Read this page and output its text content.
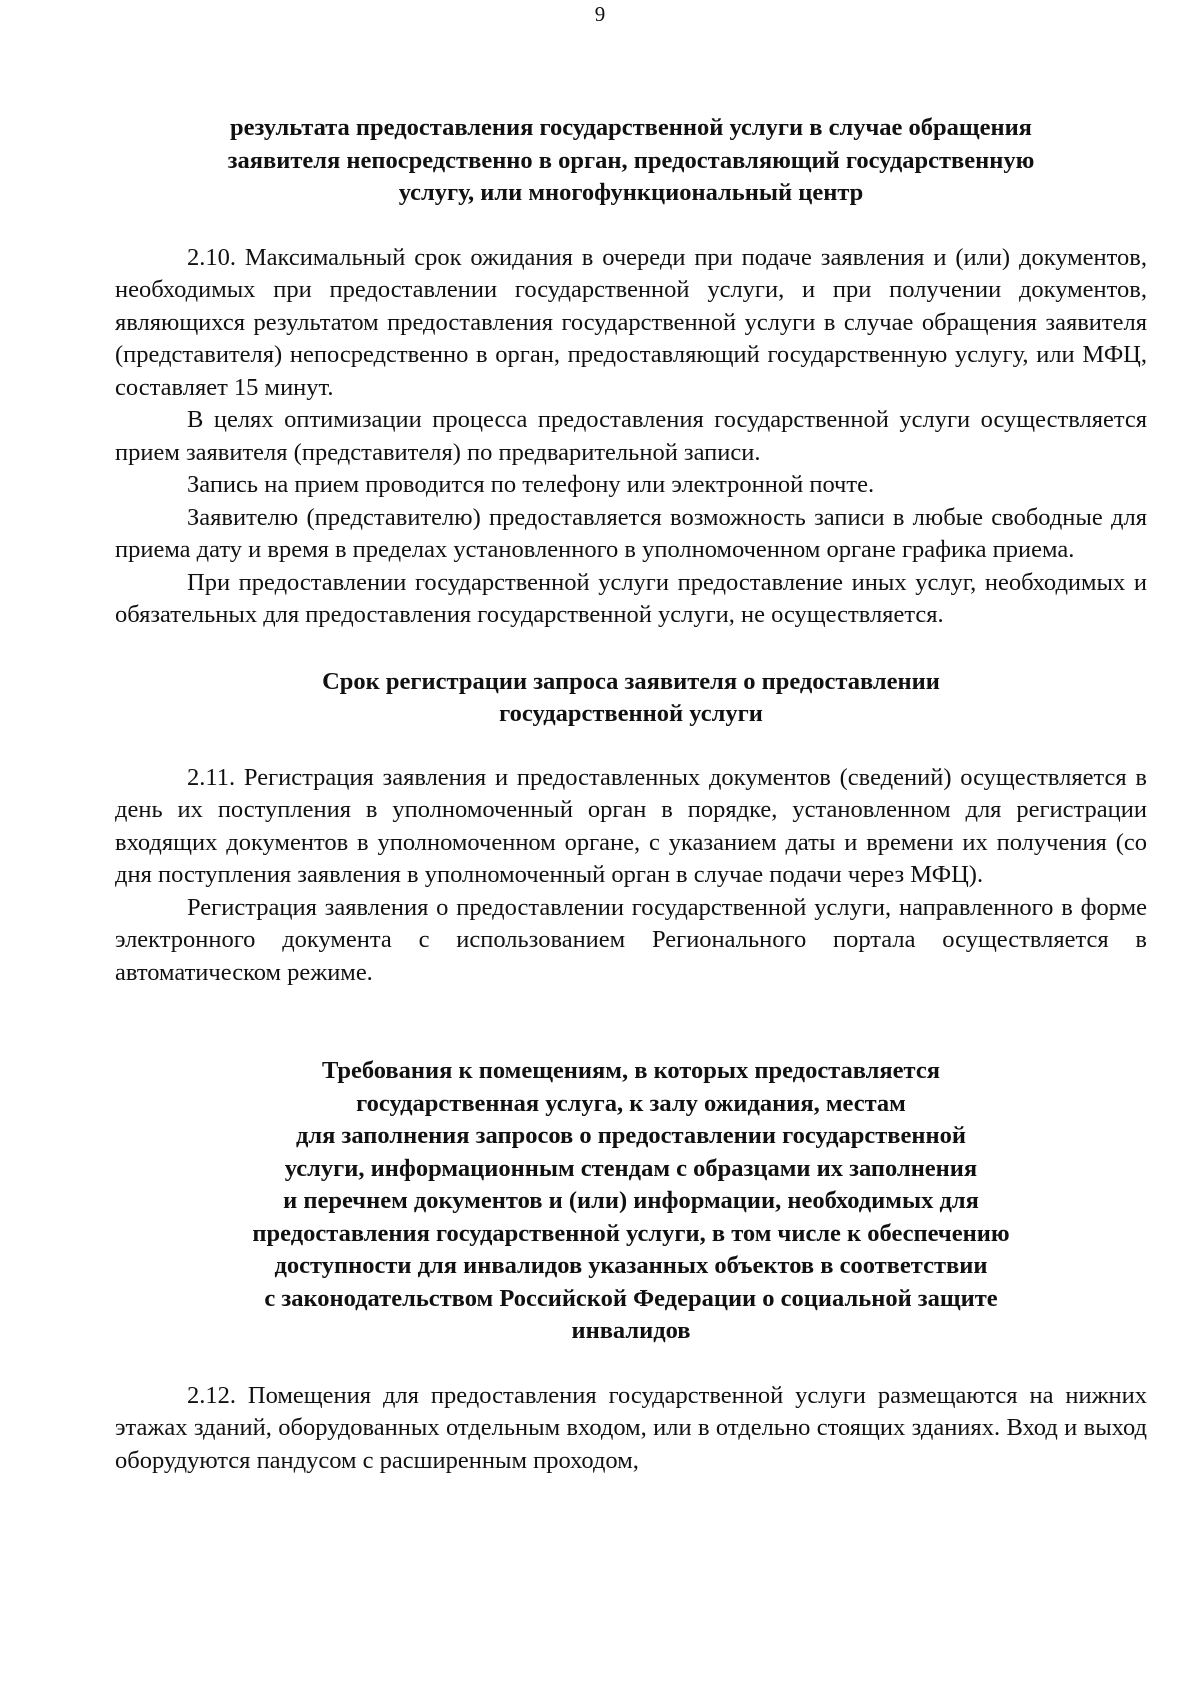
9
результата предоставления государственной услуги в случае обращения
заявителя непосредственно в орган, предоставляющий государственную
услугу, или многофункциональный центр

2.10. Максимальный срок ожидания в очереди при подаче заявления и (или) документов, необходимых при предоставлении государственной услуги, и при получении документов, являющихся результатом предоставления государственной услуги в случае обращения заявителя (представителя) непосредственно в орган, предоставляющий государственную услугу, или МФЦ, составляет 15 минут.

В целях оптимизации процесса предоставления государственной услуги осуществляется прием заявителя (представителя) по предварительной записи.

Запись на прием проводится по телефону или электронной почте.

Заявителю (представителю) предоставляется возможность записи в любые свободные для приема дату и время в пределах установленного в уполномоченном органе графика приема.

При предоставлении государственной услуги предоставление иных услуг, необходимых и обязательных для предоставления государственной услуги, не осуществляется.

Срок регистрации запроса заявителя о предоставлении
государственной услуги

2.11. Регистрация заявления и предоставленных документов (сведений) осуществляется в день их поступления в уполномоченный орган в порядке, установленном для регистрации входящих документов в уполномоченном органе, с указанием даты и времени их получения (со дня поступления заявления в уполномоченный орган в случае подачи через МФЦ).

Регистрация заявления о предоставлении государственной услуги, направленного в форме электронного документа с использованием Регионального портала осуществляется в автоматическом режиме.

Требования к помещениям, в которых предоставляется
государственная услуга, к залу ожидания, местам
для заполнения запросов о предоставлении государственной
услуги, информационным стендам с образцами их заполнения
и перечнем документов и (или) информации, необходимых для
предоставления государственной услуги, в том числе к обеспечению
доступности для инвалидов указанных объектов в соответствии
с законодательством Российской Федерации о социальной защите
инвалидов

2.12. Помещения для предоставления государственной услуги размещаются на нижних этажах зданий, оборудованных отдельным входом, или в отдельно стоящих зданиях. Вход и выход оборудуются пандусом с расширенным проходом,
